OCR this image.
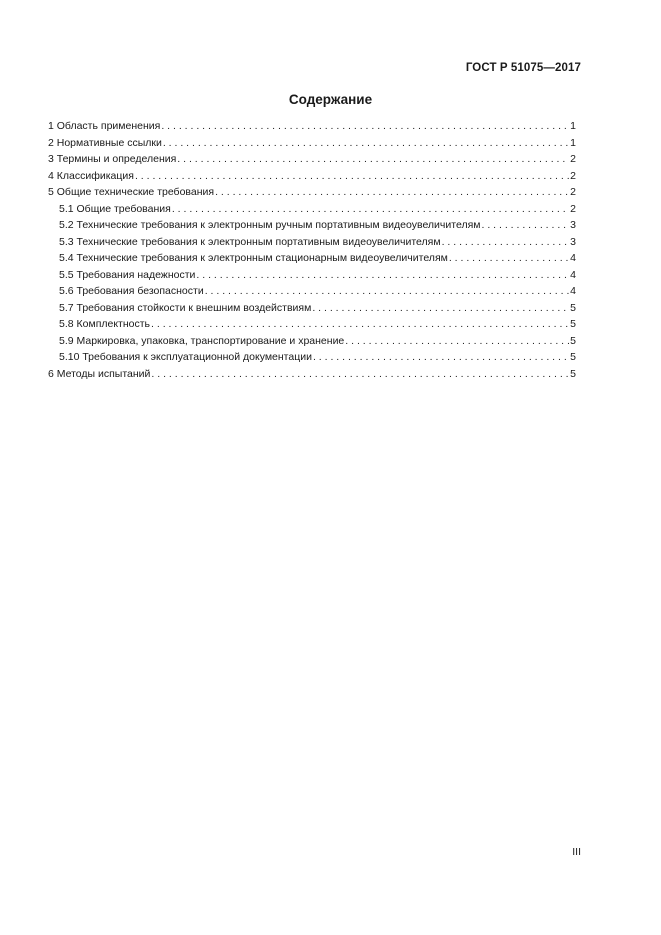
ГОСТ Р 51075—2017
Содержание
1 Область применения . . .	1
2 Нормативные ссылки . . .	1
3 Термины и определения . . .	2
4 Классификация . . .	2
5 Общие технические требования . . .	2
5.1 Общие требования . . .	2
5.2 Технические требования к электронным ручным портативным видеоувеличителям . . .	3
5.3 Технические требования к электронным портативным видеоувеличителям . . .	3
5.4 Технические требования к электронным стационарным видеоувеличителям . . .	4
5.5 Требования надежности . . .	4
5.6 Требования безопасности . . .	4
5.7 Требования стойкости к внешним воздействиям . . .	5
5.8 Комплектность . . .	5
5.9 Маркировка, упаковка, транспортирование и хранение . . .	5
5.10 Требования к эксплуатационной документации . . .	5
6 Методы испытаний . . .	5
III
